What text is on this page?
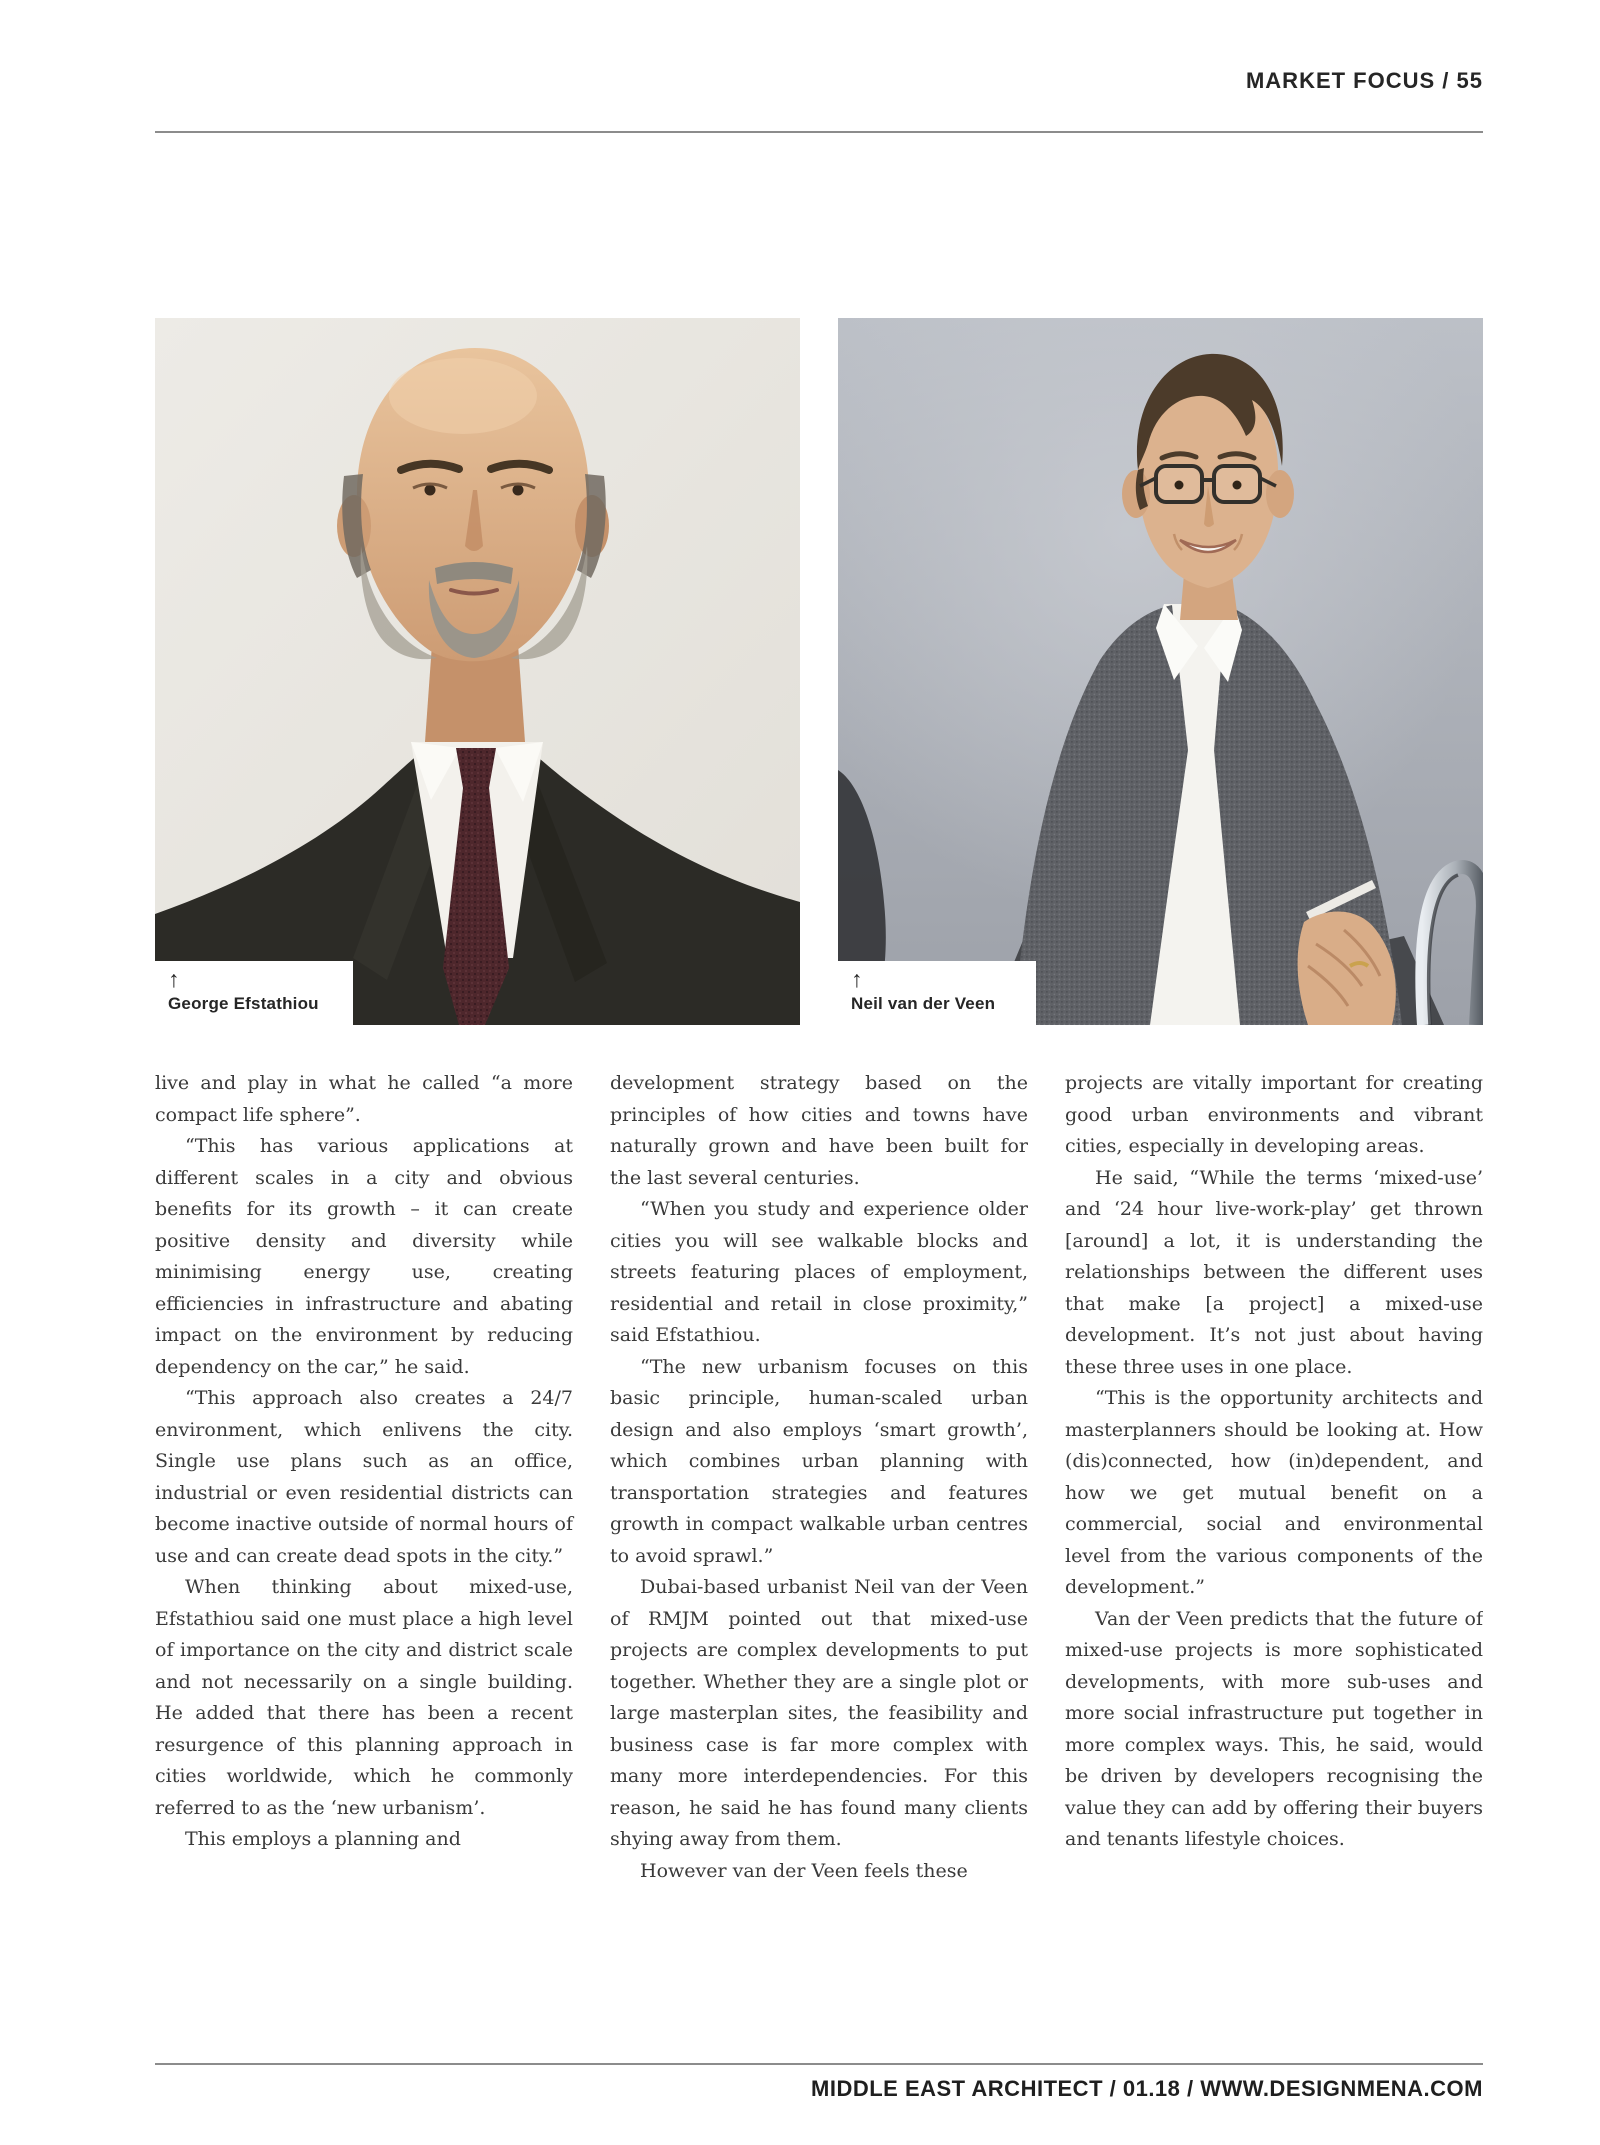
MARKET FOCUS / 55
↑
George Efstathiou
↑
Neil van der Veen

live and play in what he called “a more compact life sphere”.

“This has various applications at different scales in a city and obvious benefits for its growth – it can create positive density and diversity while minimising energy use, creating efficiencies in infrastructure and abating impact on the environment by reducing dependency on the car,” he said.

“This approach also creates a 24/7 environment, which enlivens the city. Single use plans such as an office, industrial or even residential districts can become inactive outside of normal hours of use and can create dead spots in the city.”

When thinking about mixed-use, Efstathiou said one must place a high level of importance on the city and district scale and not necessarily on a single building. He added that there has been a recent resurgence of this planning approach in cities worldwide, which he commonly referred to as the ‘new urbanism’.

This employs a planning and

development strategy based on the principles of how cities and towns have naturally grown and have been built for the last several centuries.

“When you study and experience older cities you will see walkable blocks and streets featuring places of employment, residential and retail in close proximity,” said Efstathiou.

“The new urbanism focuses on this basic principle, human-scaled urban design and also employs ‘smart growth’, which combines urban planning with transportation strategies and features growth in compact walkable urban centres to avoid sprawl.”

Dubai-based urbanist Neil van der Veen of RMJM pointed out that mixed-use projects are complex developments to put together. Whether they are a single plot or large masterplan sites, the feasibility and business case is far more complex with many more interdependencies. For this reason, he said he has found many clients shying away from them.

However van der Veen feels these

projects are vitally important for creating good urban environments and vibrant cities, especially in developing areas.

He said, “While the terms ‘mixed-use’ and ‘24 hour live-work-play’ get thrown [around] a lot, it is understanding the relationships between the different uses that make [a project] a mixed-use development. It’s not just about having these three uses in one place.

“This is the opportunity architects and masterplanners should be looking at. How (dis)connected, how (in)dependent, and how we get mutual benefit on a commercial, social and environmental level from the various components of the development.”

Van der Veen predicts that the future of mixed-use projects is more sophisticated developments, with more sub-uses and more social infrastructure put together in more complex ways. This, he said, would be driven by developers recognising the value they can add by offering their buyers and tenants lifestyle choices.

MIDDLE EAST ARCHITECT / 01.18 / WWW.DESIGNMENA.COM
